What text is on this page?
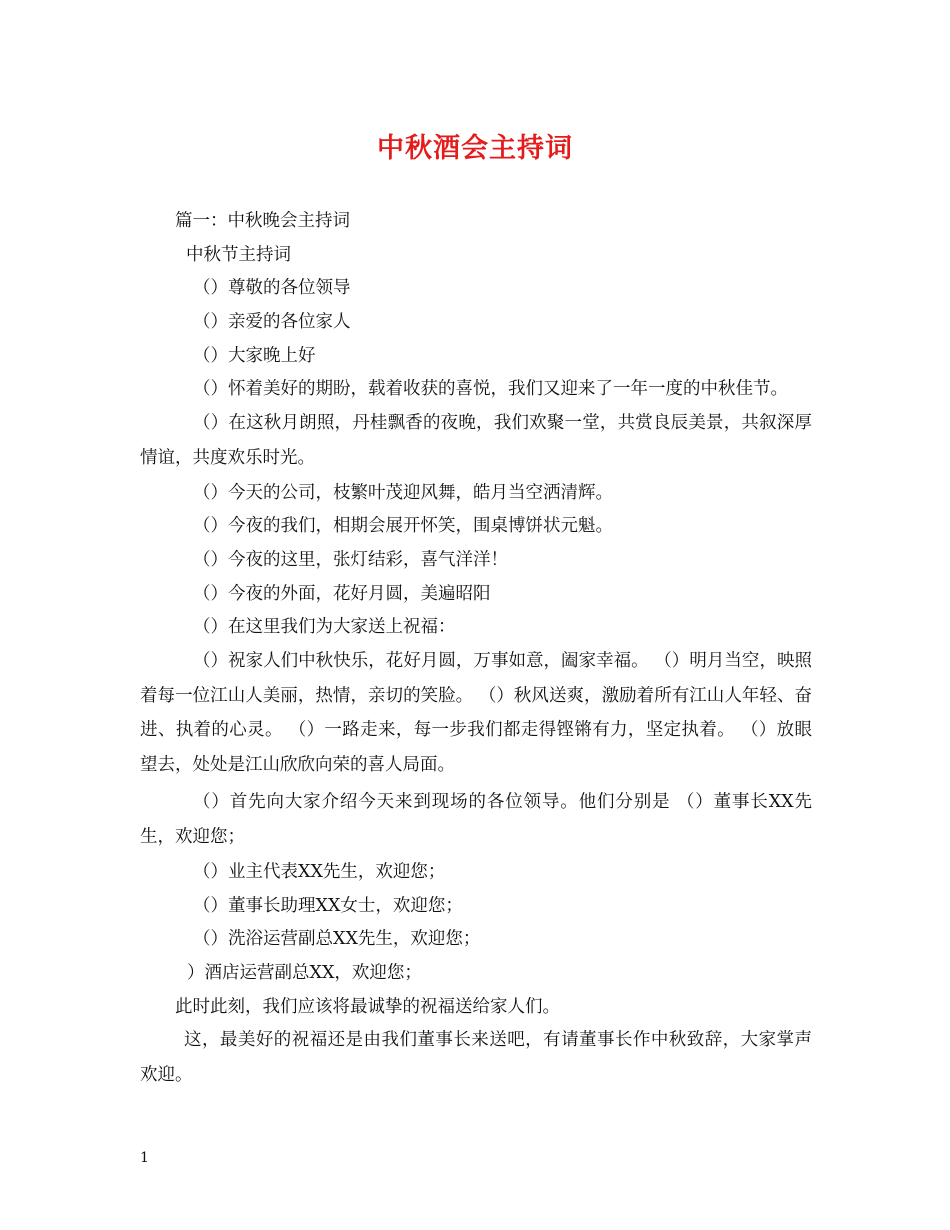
中秋酒会主持词
篇一：中秋晚会主持词
中秋节主持词
（）尊敬的各位领导
（）亲爱的各位家人
（）大家晚上好
（）怀着美好的期盼，载着收获的喜悦，我们又迎来了一年一度的中秋佳节。
（）在这秋月朗照，丹桂飘香的夜晚，我们欢聚一堂，共赏良辰美景，共叙深厚情谊，共度欢乐时光。
（）今天的公司，枝繁叶茂迎风舞，皓月当空洒清辉。
（）今夜的我们，相期会展开怀笑，围桌博饼状元魁。
（）今夜的这里，张灯结彩，喜气洋洋！
（）今夜的外面，花好月圆，美遍昭阳
（）在这里我们为大家送上祝福：
（）祝家人们中秋快乐，花好月圆，万事如意，阖家幸福。 （）明月当空，映照着每一位江山人美丽，热情，亲切的笑脸。 （）秋风送爽，激励着所有江山人年轻、奋进、执着的心灵。 （）一路走来，每一步我们都走得铿锵有力，坚定执着。 （）放眼望去，处处是江山欣欣向荣的喜人局面。
（）首先向大家介绍今天来到现场的各位领导。他们分别是 （）董事长XX先生，欢迎您；
（）业主代表XX先生，欢迎您；
（）董事长助理XX女士，欢迎您；
（）洗浴运营副总XX先生，欢迎您；
）酒店运营副总XX，欢迎您；
此时此刻，我们应该将最诚挚的祝福送给家人们。
这，最美好的祝福还是由我们董事长来送吧，有请董事长作中秋致辞，大家掌声欢迎。
1
